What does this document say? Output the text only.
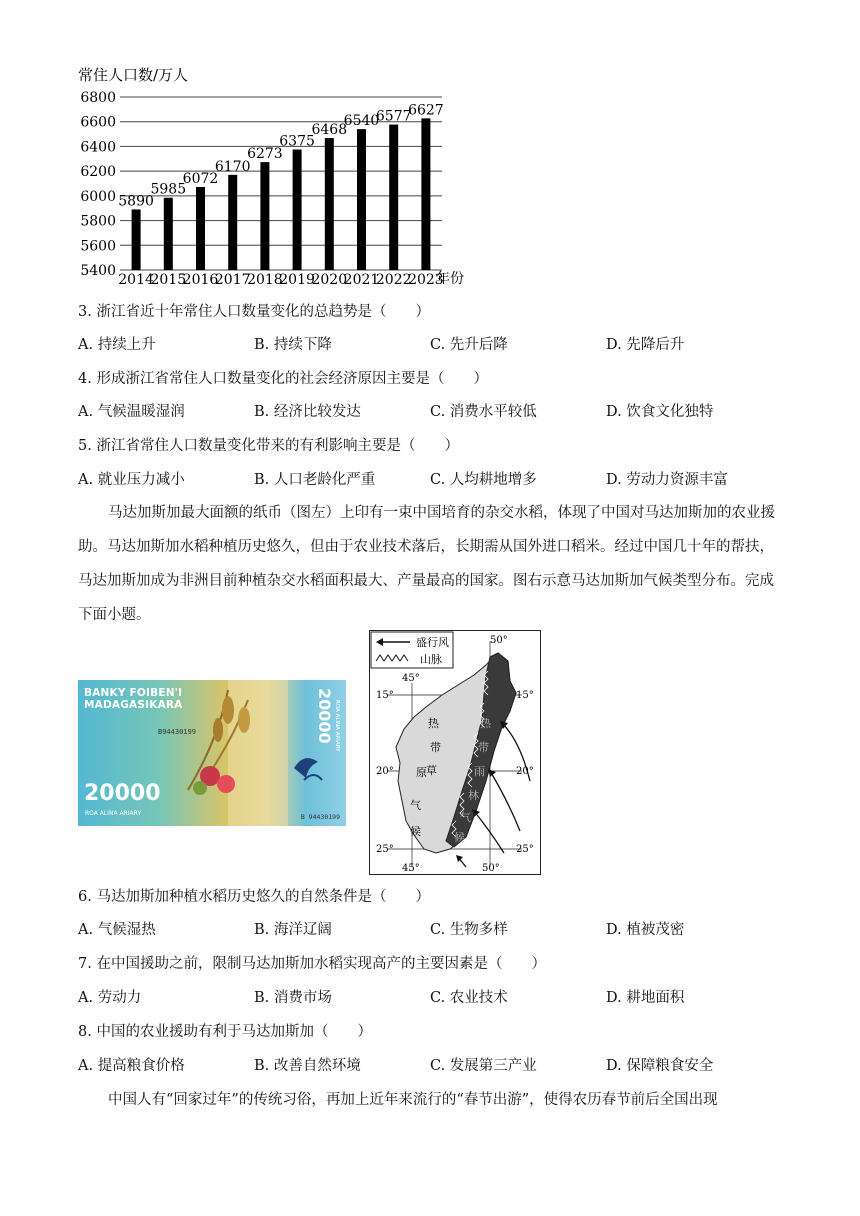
常住人口数/万人
5890
5985
6072
6170
6273
6375
6468
6540
6577
6627
6800
6600
6400
6200
6000
5800
5600
5400
2014
2015
2016
2017
2018
2019
2020
2021
2022
2023
年份
3. 浙江省近十年常住人口数量变化的总趋势是（　　）
A. 持续上升	B. 持续下降	C. 先升后降	D. 先降后升
4. 形成浙江省常住人口数量变化的社会经济原因主要是（　　）
A. 气候温暖湿润	B. 经济比较发达	C. 消费水平较低	D. 饮食文化独特
5. 浙江省常住人口数量变化带来的有利影响主要是（　　）
A. 就业压力减小	B. 人口老龄化严重	C. 人均耕地增多	D. 劳动力资源丰富
马达加斯加最大面额的纸币（图左）上印有一束中国培育的杂交水稻，体现了中国对马达加斯加的农业援助。马达加斯加水稻种植历史悠久，但由于农业技术落后，长期需从国外进口稻米。经过中国几十年的帮扶，马达加斯加成为非洲目前种植杂交水稻面积最大、产量最高的国家。图右示意马达加斯加气候类型分布。完成下面小题。
BANKY FOIBEN'I
MADAGASIKARA
B94430199
20000
ROA ALINA ARIARY
20000 ROA ALINA ARIARY
B 94430199
盛行风
山脉
热
带
草
原
气
候
热
带
雨
林
气
候
50°
45°
45°	50°
15°	15°
20°	20°
25°	25°
6. 马达加斯加种植水稻历史悠久的自然条件是（　　）
A. 气候湿热	B. 海洋辽阔	C. 生物多样	D. 植被茂密
7. 在中国援助之前，限制马达加斯加水稻实现高产的主要因素是（　　）
A. 劳动力	B. 消费市场	C. 农业技术	D. 耕地面积
8. 中国的农业援助有利于马达加斯加（　　）
A. 提高粮食价格	B. 改善自然环境	C. 发展第三产业	D. 保障粮食安全
中国人有“回家过年”的传统习俗，再加上近年来流行的“春节出游”，使得农历春节前后全国出现
